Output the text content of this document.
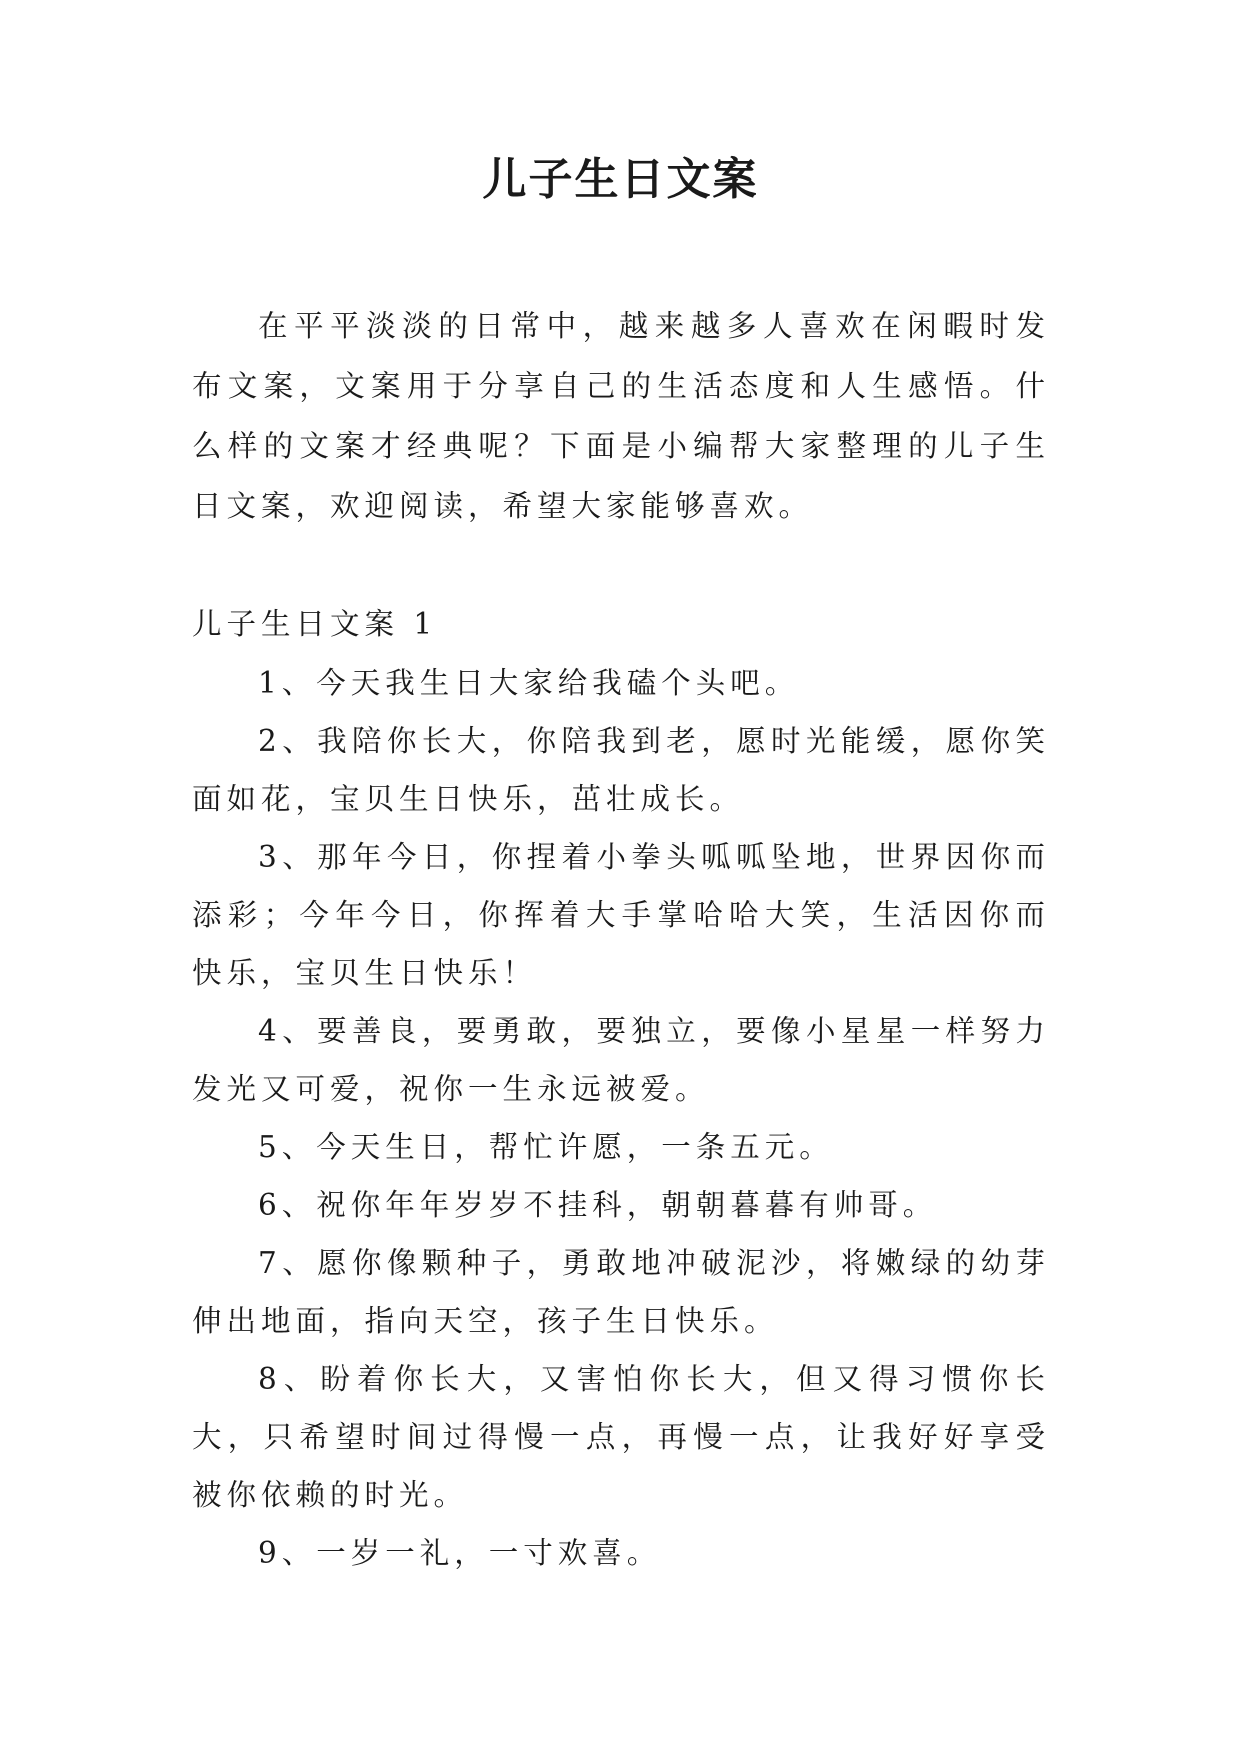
儿子生日文案

在平平淡淡的日常中，越来越多人喜欢在闲暇时发布文案，文案用于分享自己的生活态度和人生感悟。什么样的文案才经典呢？下面是小编帮大家整理的儿子生日文案，欢迎阅读，希望大家能够喜欢。

儿子生日文案 1

1、今天我生日大家给我磕个头吧。

2、我陪你长大，你陪我到老，愿时光能缓，愿你笑面如花，宝贝生日快乐，茁壮成长。

3、那年今日，你捏着小拳头呱呱坠地，世界因你而添彩；今年今日，你挥着大手掌哈哈大笑，生活因你而快乐，宝贝生日快乐！

4、要善良，要勇敢，要独立，要像小星星一样努力发光又可爱，祝你一生永远被爱。

5、今天生日，帮忙许愿，一条五元。

6、祝你年年岁岁不挂科，朝朝暮暮有帅哥。

7、愿你像颗种子，勇敢地冲破泥沙，将嫩绿的幼芽伸出地面，指向天空，孩子生日快乐。

8、盼着你长大，又害怕你长大，但又得习惯你长大，只希望时间过得慢一点，再慢一点，让我好好享受被你依赖的时光。

9、一岁一礼，一寸欢喜。
